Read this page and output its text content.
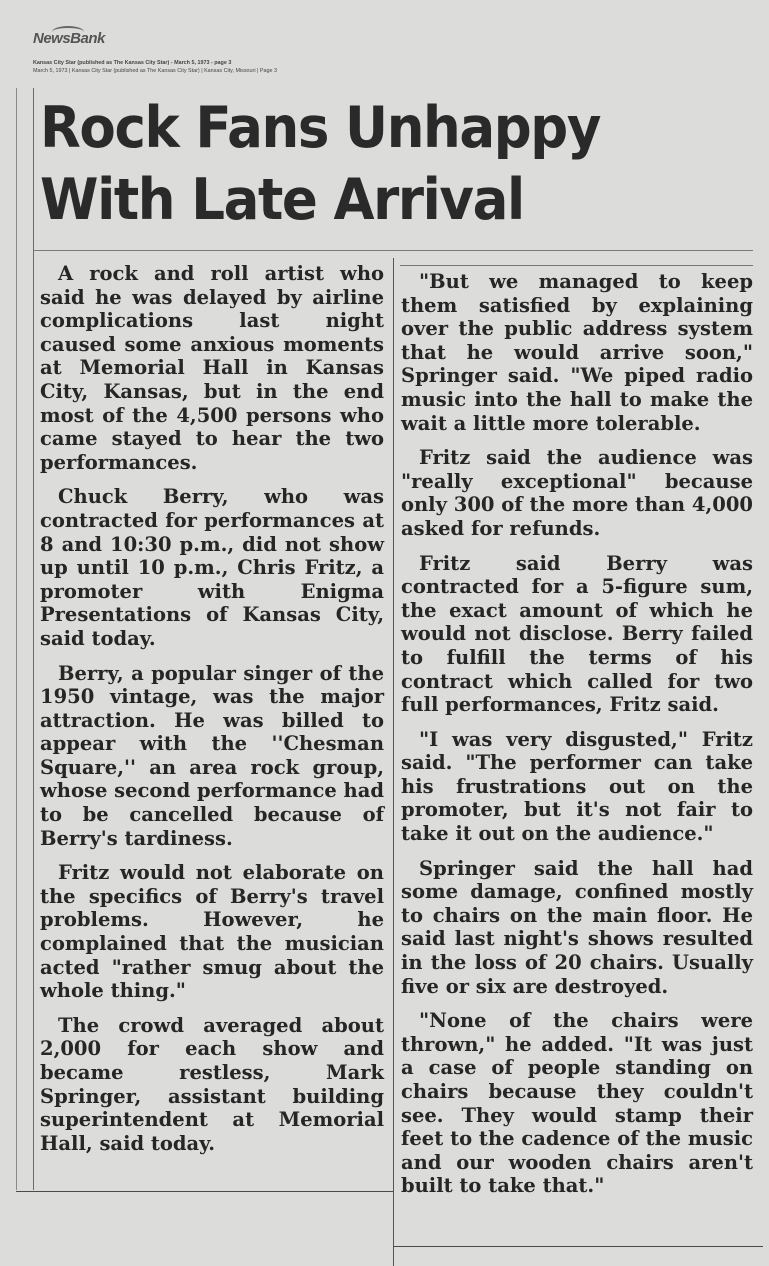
NewsBank
Kansas City Star (published as The Kansas City Star) - March 5, 1973 - page 3
March 5, 1973 | Kansas City Star (published as The Kansas City Star) | Kansas City, Missouri | Page 3
Rock Fans Unhappy
With Late Arrival

A rock and roll artist who said he was delayed by airline complications last night caused some anxious moments at Memorial Hall in Kansas City, Kansas, but in the end most of the 4,500 persons who came stayed to hear the two performances.

Chuck Berry, who was contracted for performances at 8 and 10:30 p.m., did not show up until 10 p.m., Chris Fritz, a promoter with Enigma Presentations of Kansas City, said today.

Berry, a popular singer of the 1950 vintage, was the major attraction. He was billed to appear with the ''Chesman Square,'' an area rock group, whose second performance had to be cancelled because of Berry's tardiness.

Fritz would not elaborate on the specifics of Berry's travel problems. However, he complained that the musician acted "rather smug about the whole thing."

The crowd averaged about 2,000 for each show and became restless, Mark Springer, assistant building superintendent at Memorial Hall, said today.

"But we managed to keep them satisfied by explaining over the public address system that he would arrive soon," Springer said. "We piped radio music into the hall to make the wait a little more tolerable.

Fritz said the audience was "really exceptional" because only 300 of the more than 4,000 asked for refunds.

Fritz said Berry was contracted for a 5-figure sum, the exact amount of which he would not disclose. Berry failed to fulfill the terms of his contract which called for two full performances, Fritz said.

"I was very disgusted," Fritz said. "The performer can take his frustrations out on the promoter, but it's not fair to take it out on the audience."

Springer said the hall had some damage, confined mostly to chairs on the main floor. He said last night's shows resulted in the loss of 20 chairs. Usually five or six are destroyed.

"None of the chairs were thrown," he added. "It was just a case of people standing on chairs because they couldn't see. They would stamp their feet to the cadence of the music and our wooden chairs aren't built to take that."
